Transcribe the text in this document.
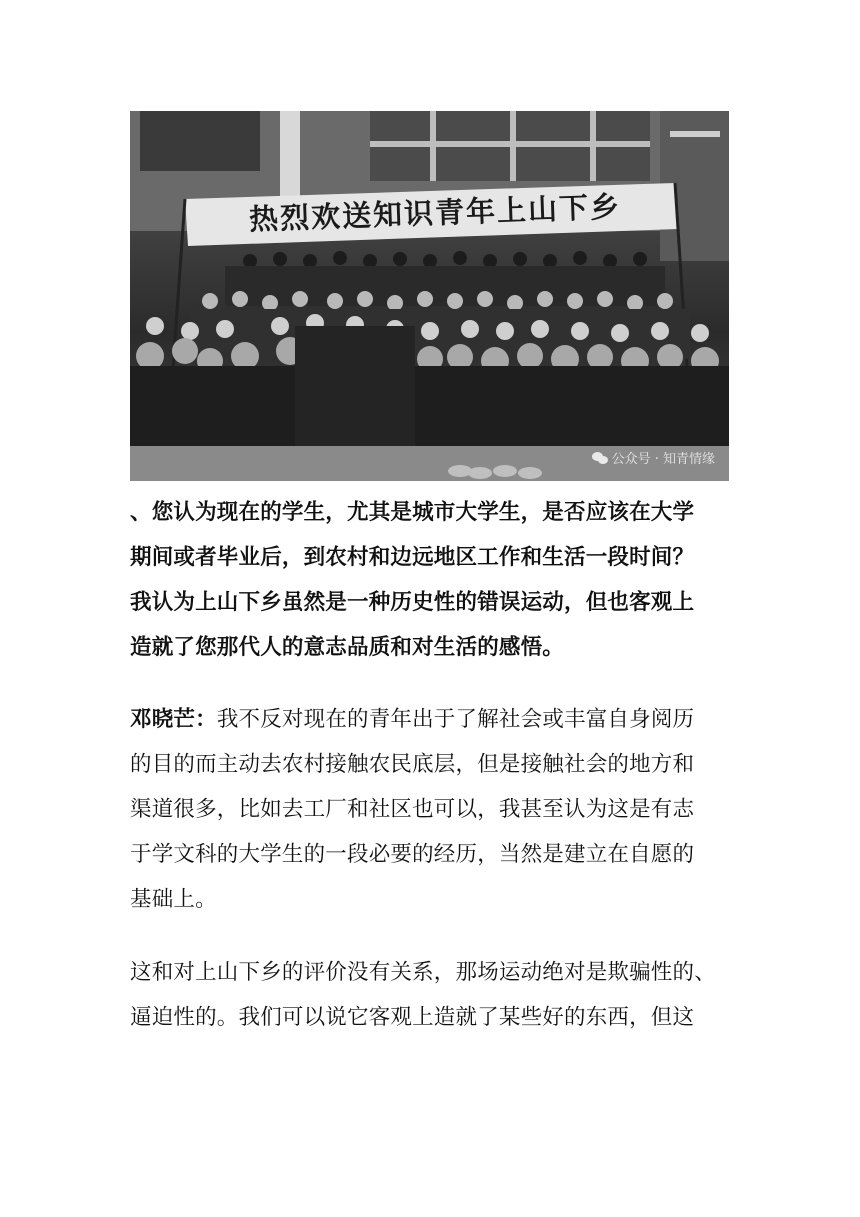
热烈欢送知识青年上山下乡
公众号 · 知青情缘
、您认为现在的学生，尤其是城市大学生，是否应该在大学
期间或者毕业后，到农村和边远地区工作和生活一段时间？
我认为上山下乡虽然是一种历史性的错误运动，但也客观上
造就了您那代人的意志品质和对生活的感悟。
邓晓芒：我不反对现在的青年出于了解社会或丰富自身阅历
的目的而主动去农村接触农民底层，但是接触社会的地方和
渠道很多，比如去工厂和社区也可以，我甚至认为这是有志
于学文科的大学生的一段必要的经历，当然是建立在自愿的
基础上。
这和对上山下乡的评价没有关系，那场运动绝对是欺骗性的、
逼迫性的。我们可以说它客观上造就了某些好的东西，但这
